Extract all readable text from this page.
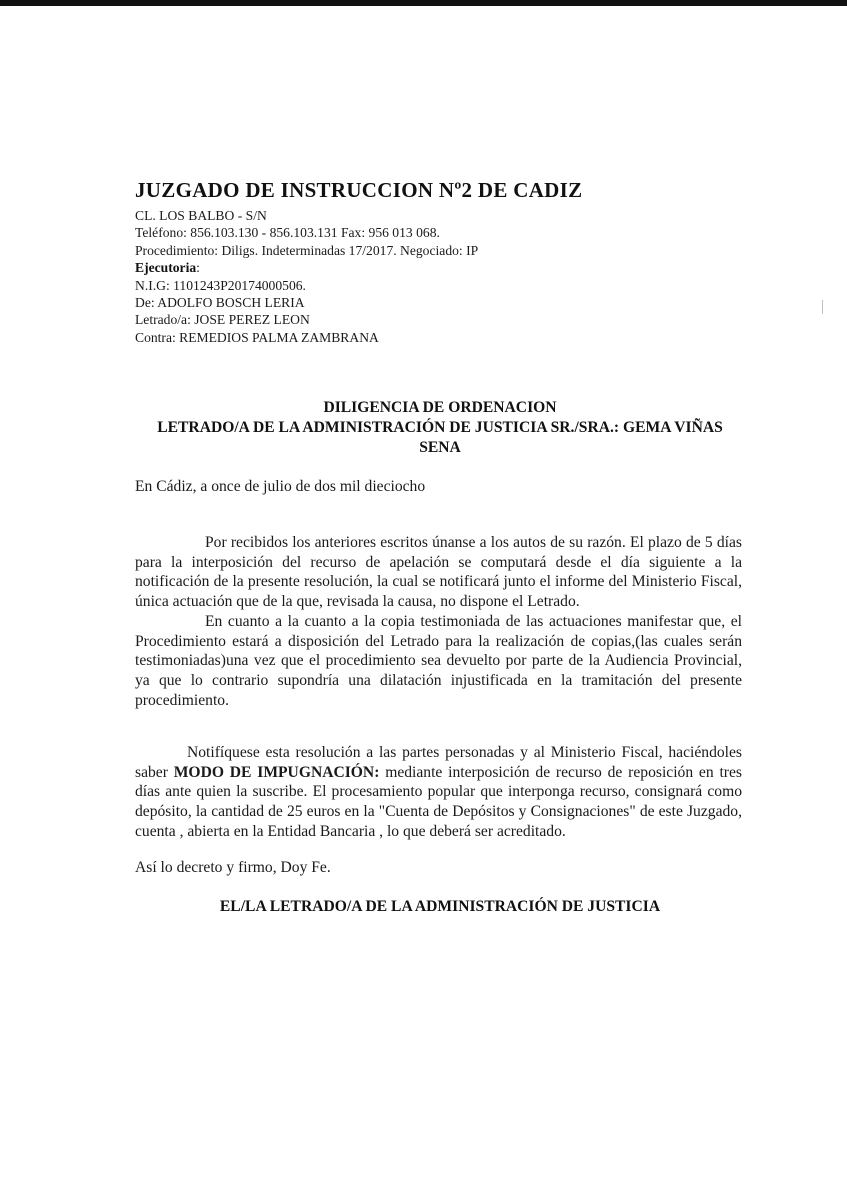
JUZGADO DE INSTRUCCION Nº2 DE CADIZ
CL. LOS BALBO - S/N
Teléfono: 856.103.130 - 856.103.131 Fax: 956 013 068.
Procedimiento: Diligs. Indeterminadas 17/2017. Negociado: IP
Ejecutoria:
N.I.G: 1101243P20174000506.
De: ADOLFO BOSCH LERIA
Letrado/a: JOSE PEREZ LEON
Contra: REMEDIOS PALMA ZAMBRANA
DILIGENCIA DE ORDENACION
LETRADO/A DE LA ADMINISTRACIÓN DE JUSTICIA SR./SRA.: GEMA VIÑAS SENA
En Cádiz, a once de julio de dos mil dieciocho

Por recibidos los anteriores escritos únanse a los autos de su razón. El plazo de 5 días para la interposición del recurso de apelación se computará desde el día siguiente a la notificación de la presente resolución, la cual se notificará junto el informe del Ministerio Fiscal, única actuación que de la que, revisada la causa, no dispone el Letrado.

En cuanto a la cuanto a la copia testimoniada de las actuaciones manifestar que, el Procedimiento estará a disposición del Letrado para la realización de copias,(las cuales serán testimoniadas)una vez que el procedimiento sea devuelto por parte de la Audiencia Provincial, ya que lo contrario supondría una dilatación injustificada en la tramitación del presente procedimiento.

Notifíquese esta resolución a las partes personadas y al Ministerio Fiscal, haciéndoles saber MODO DE IMPUGNACIÓN: mediante interposición de recurso de reposición en tres días ante quien la suscribe. El procesamiento popular que interponga recurso, consignará como depósito, la cantidad de 25 euros en la "Cuenta de Depósitos y Consignaciones" de este Juzgado, cuenta , abierta en la Entidad Bancaria , lo que deberá ser acreditado.

Así lo decreto y firmo, Doy Fe.
EL/LA LETRADO/A DE LA ADMINISTRACIÓN DE JUSTICIA
